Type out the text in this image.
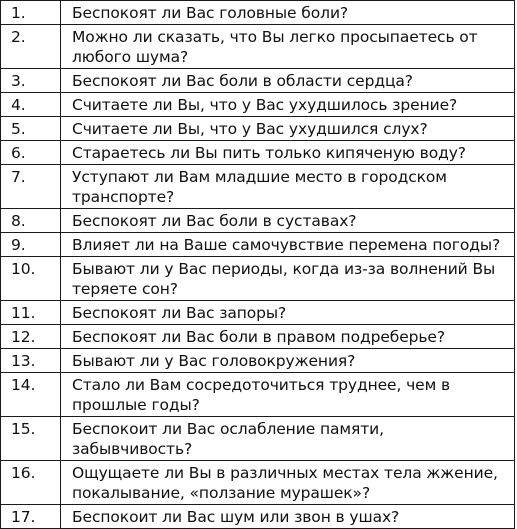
1.	Беспокоят ли Вас головные боли?
2.	Можно ли сказать, что Вы легко просыпаетесь от любого шума?
3.	Беспокоят ли Вас боли в области сердца?
4.	Считаете ли Вы, что у Вас ухудшилось зрение?
5.	Считаете ли Вы, что у Вас ухудшился слух?
6.	Стараетесь ли Вы пить только кипяченую воду?
7.	Уступают ли Вам младшие место в городском транспорте?
8.	Беспокоят ли Вас боли в суставах?
9.	Влияет ли на Ваше самочувствие перемена погоды?
10.	Бывают ли у Вас периоды, когда из-за волнений Вы теряете сон?
11.	Беспокоят ли Вас запоры?
12.	Беспокоят ли Вас боли в правом подреберье?
13.	Бывают ли у Вас головокружения?
14.	Стало ли Вам сосредоточиться труднее, чем в прошлые годы?
15.	Беспокоит ли Вас ослабление памяти, забывчивость?
16.	Ощущаете ли Вы в различных местах тела жжение, покалывание, «ползание мурашек»?
17.	Беспокоит ли Вас шум или звон в ушах?
